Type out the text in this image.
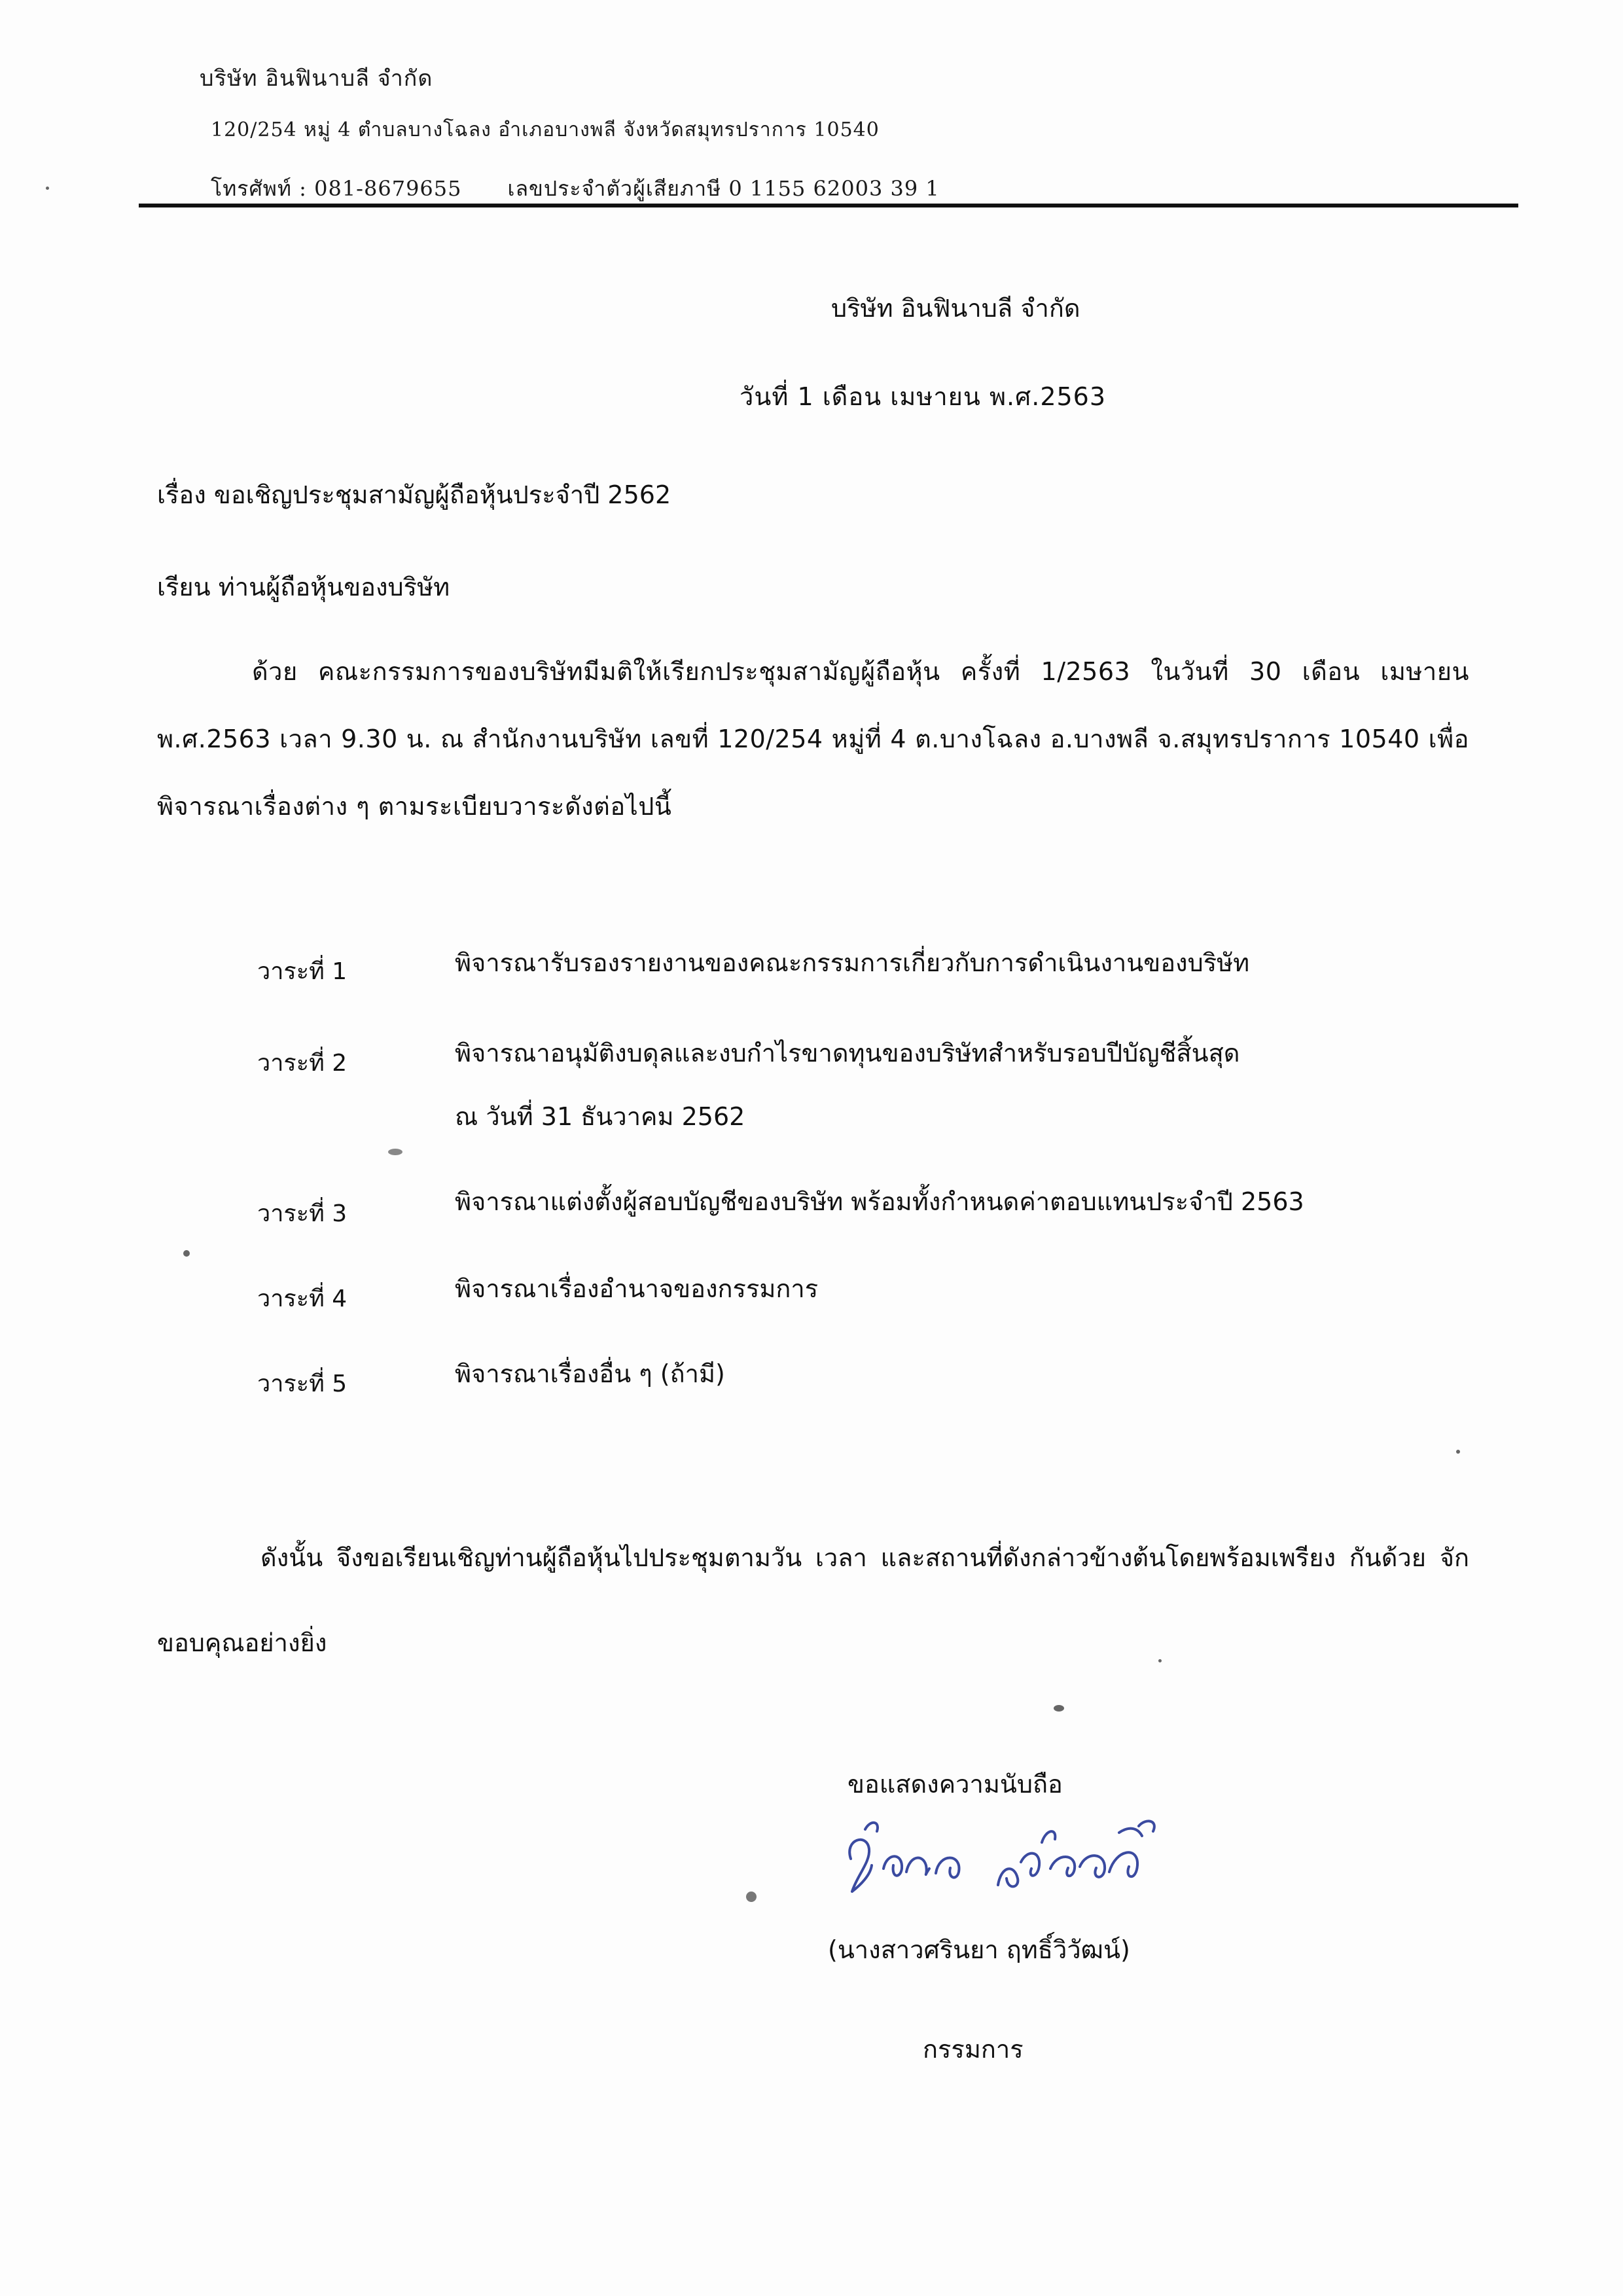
บริษัท อินฟินาบลี จำกัด
120/254 หมู่ 4 ตำบลบางโฉลง อำเภอบางพลี จังหวัดสมุทรปราการ 10540
โทรศัพท์ : 081-8679655 เลขประจำตัวผู้เสียภาษี 0 1155 62003 39 1
บริษัท อินฟินาบลี จำกัด
วันที่ 1 เดือน เมษายน พ.ศ.2563
เรื่อง ขอเชิญประชุมสามัญผู้ถือหุ้นประจำปี 2562
เรียน ท่านผู้ถือหุ้นของบริษัท
ด้วย คณะกรรมการของบริษัทมีมติให้เรียกประชุมสามัญผู้ถือหุ้น ครั้งที่ 1/2563 ในวันที่ 30 เดือน เมษายน พ.ศ.2563 เวลา 9.30 น. ณ สำนักงานบริษัท เลขที่ 120/254 หมู่ที่ 4 ต.บางโฉลง อ.บางพลี จ.สมุทรปราการ 10540 เพื่อพิจารณาเรื่องต่าง ๆ ตามระเบียบวาระดังต่อไปนี้
วาระที่ 1	พิจารณารับรองรายงานของคณะกรรมการเกี่ยวกับการดำเนินงานของบริษัท
วาระที่ 2	พิจารณาอนุมัติงบดุลและงบกำไรขาดทุนของบริษัทสำหรับรอบปีบัญชีสิ้นสุด
ณ วันที่ 31 ธันวาคม 2562
วาระที่ 3	พิจารณาแต่งตั้งผู้สอบบัญชีของบริษัท พร้อมทั้งกำหนดค่าตอบแทนประจำปี 2563
วาระที่ 4	พิจารณาเรื่องอำนาจของกรรมการ
วาระที่ 5	พิจารณาเรื่องอื่น ๆ (ถ้ามี)
ดังนั้น จึงขอเรียนเชิญท่านผู้ถือหุ้นไปประชุมตามวัน เวลา และสถานที่ดังกล่าวข้างต้นโดยพร้อมเพรียง กันด้วย จักขอบคุณอย่างยิ่ง
ขอแสดงความนับถือ
(นางสาวศรินยา ฤทธิ์วิวัฒน์)
กรรมการ
